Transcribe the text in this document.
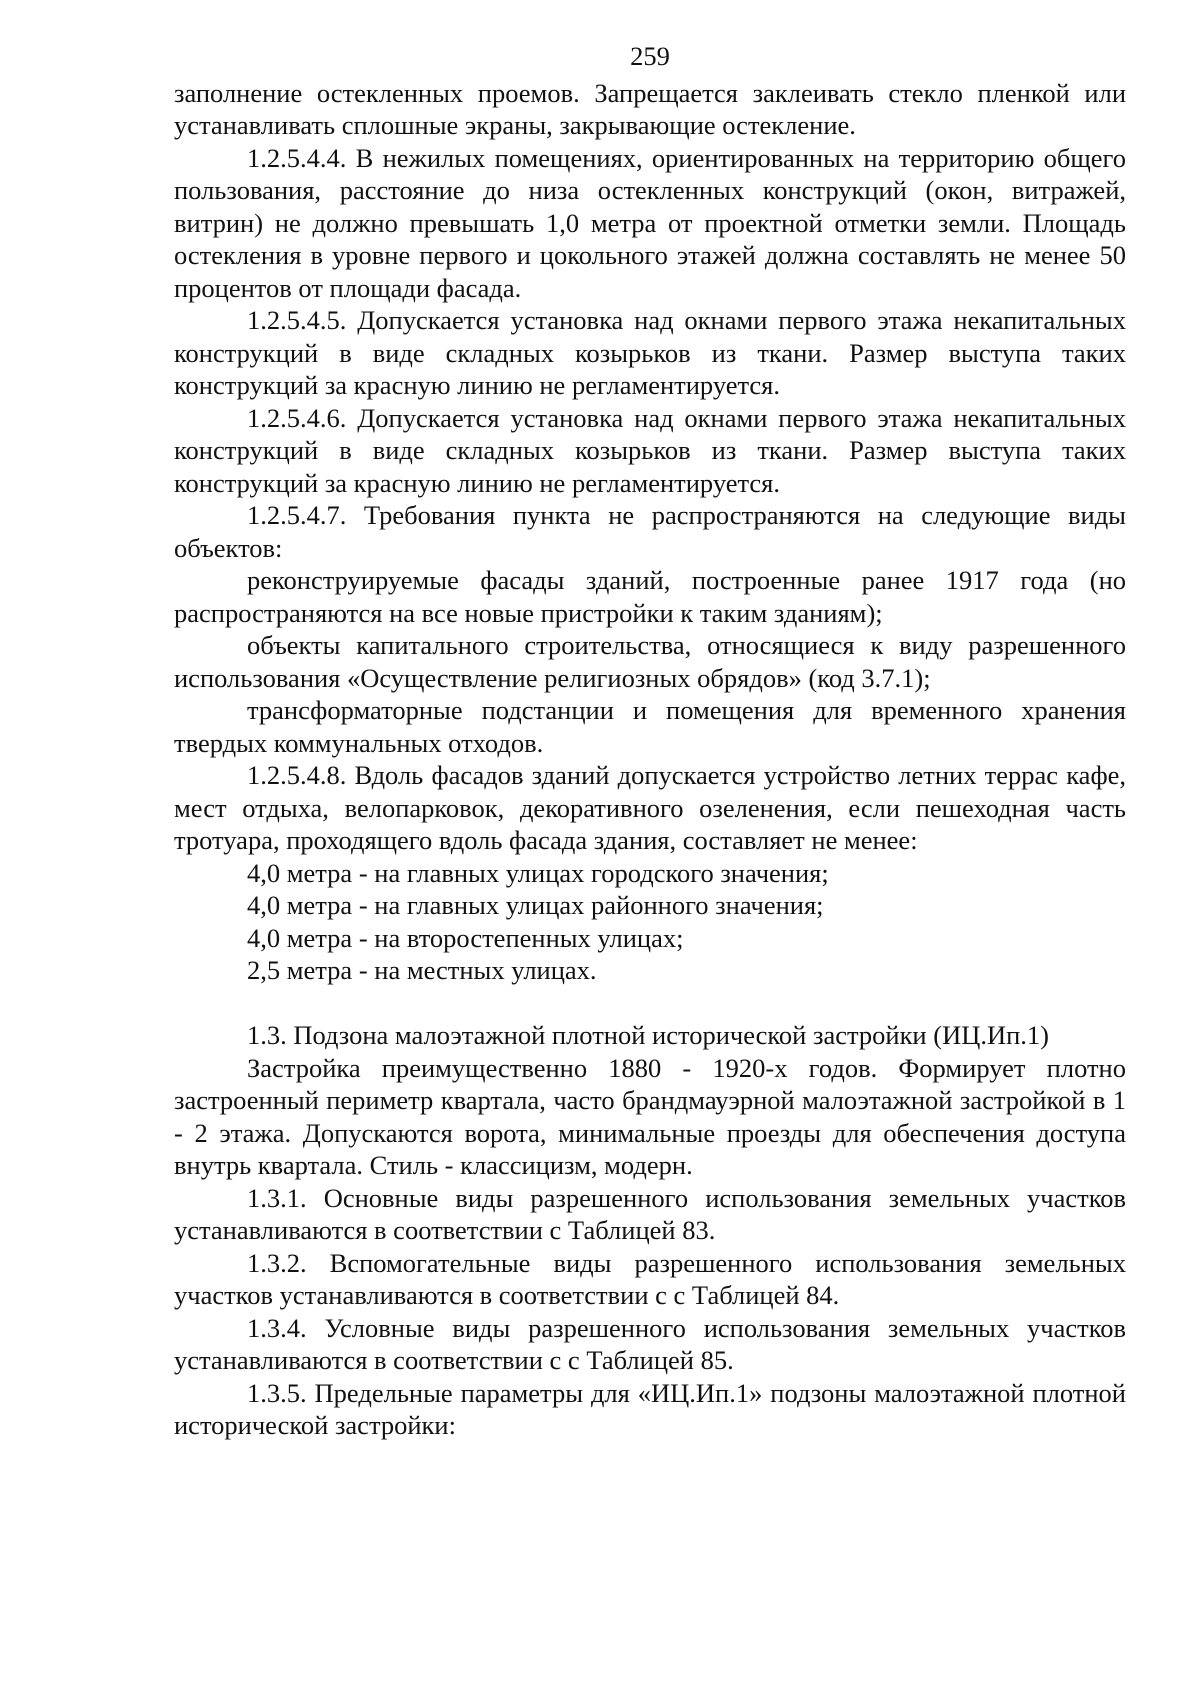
259

заполнение остекленных проемов. Запрещается заклеивать стекло пленкой или устанавливать сплошные экраны, закрывающие остекление.

1.2.5.4.4. В нежилых помещениях, ориентированных на территорию общего пользования, расстояние до низа остекленных конструкций (окон, витражей, витрин) не должно превышать 1,0 метра от проектной отметки земли. Площадь остекления в уровне первого и цокольного этажей должна составлять не менее 50 процентов от площади фасада.

1.2.5.4.5. Допускается установка над окнами первого этажа некапитальных конструкций в виде складных козырьков из ткани. Размер выступа таких конструкций за красную линию не регламентируется.

1.2.5.4.6. Допускается установка над окнами первого этажа некапитальных конструкций в виде складных козырьков из ткани. Размер выступа таких конструкций за красную линию не регламентируется.

1.2.5.4.7. Требования пункта не распространяются на следующие виды объектов:

реконструируемые фасады зданий, построенные ранее 1917 года (но распространяются на все новые пристройки к таким зданиям);

объекты капитального строительства, относящиеся к виду разрешенного использования «Осуществление религиозных обрядов» (код 3.7.1);

трансформаторные подстанции и помещения для временного хранения твердых коммунальных отходов.

1.2.5.4.8. Вдоль фасадов зданий допускается устройство летних террас кафе, мест отдыха, велопарковок, декоративного озеленения, если пешеходная часть тротуара, проходящего вдоль фасада здания, составляет не менее:

4,0 метра - на главных улицах городского значения;

4,0 метра - на главных улицах районного значения;

4,0 метра - на второстепенных улицах;

2,5 метра - на местных улицах.

1.3. Подзона малоэтажной плотной исторической застройки (ИЦ.Ип.1)

Застройка преимущественно 1880 - 1920-х годов. Формирует плотно застроенный периметр квартала, часто брандмауэрной малоэтажной застройкой в 1 - 2 этажа. Допускаются ворота, минимальные проезды для обеспечения доступа внутрь квартала. Стиль - классицизм, модерн.

1.3.1. Основные виды разрешенного использования земельных участков устанавливаются в соответствии с Таблицей 83.

1.3.2. Вспомогательные виды разрешенного использования земельных участков устанавливаются в соответствии с с Таблицей 84.

1.3.4. Условные виды разрешенного использования земельных участков устанавливаются в соответствии с с Таблицей 85.

1.3.5. Предельные параметры для «ИЦ.Ип.1» подзоны малоэтажной плотной исторической застройки:
